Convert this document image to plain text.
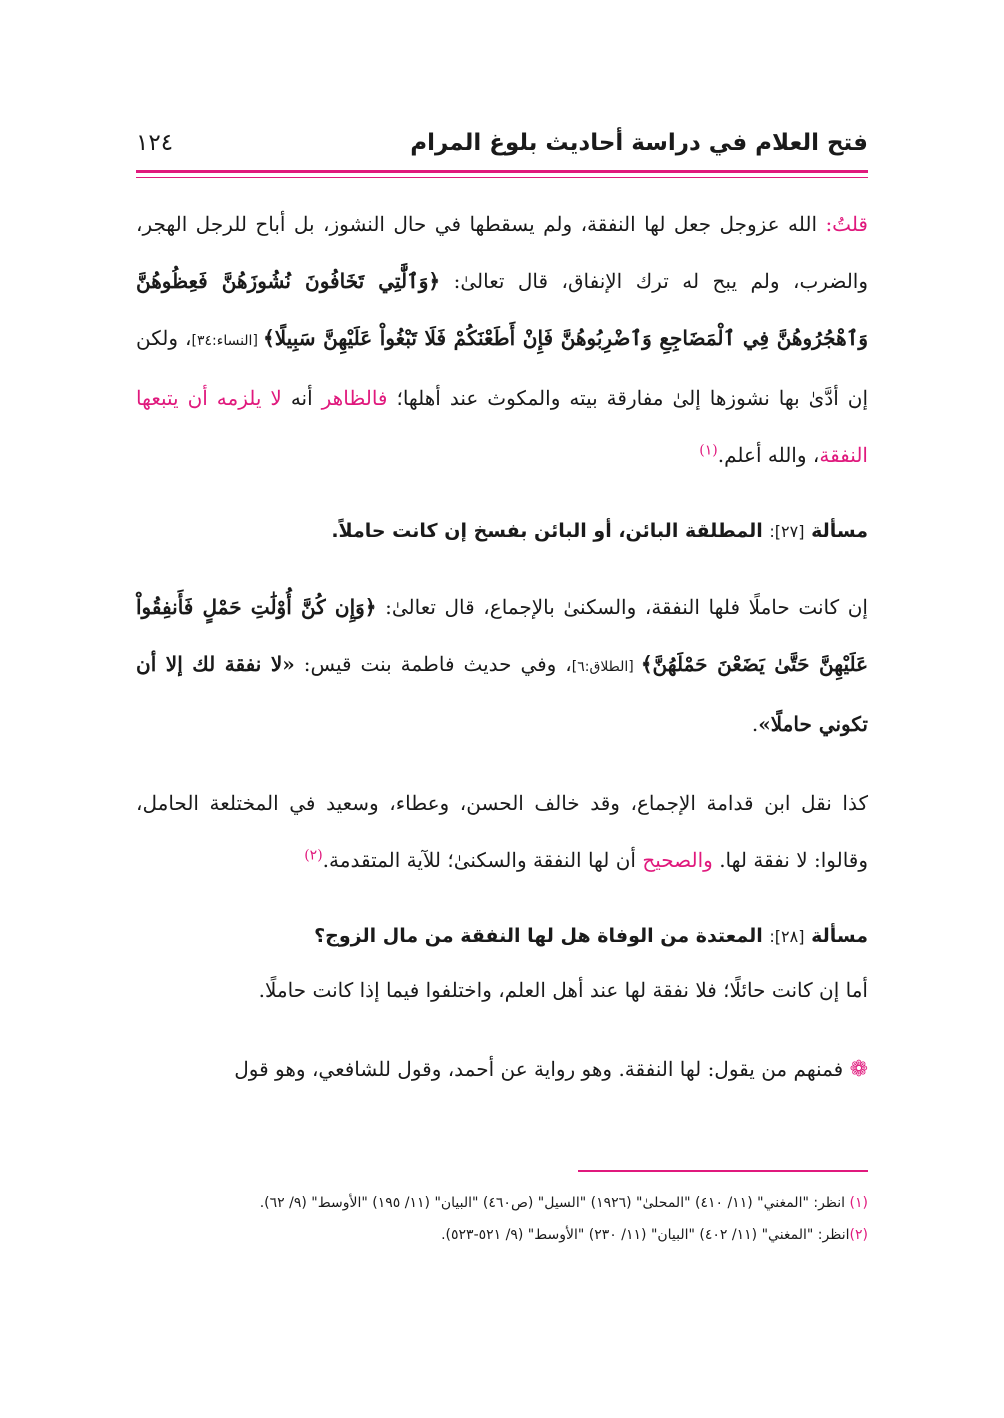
فتح العلام في دراسة أحاديث بلوغ المرام
١٢٤

قلتُ: الله عزوجل جعل لها النفقة، ولم يسقطها في حال النشوز، بل أباح للرجل الهجر، والضرب، ولم يبح له ترك الإنفاق، قال تعالىٰ: ﴿وَٱلَّٰتِي تَخَافُونَ نُشُوزَهُنَّ فَعِظُوهُنَّ وَٱهْجُرُوهُنَّ فِي ٱلْمَضَاجِعِ وَٱضْرِبُوهُنَّ فَإِنْ أَطَعْنَكُمْ فَلَا تَبْغُواْ عَلَيْهِنَّ سَبِيلًا﴾ [النساء:٣٤]، ولكن إن أدَّىٰ بها نشوزها إلىٰ مفارقة بيته والمكوث عند أهلها؛ فالظاهر أنه لا يلزمه أن يتبعها النفقة، والله أعلم.$^{(١)}$

مسألة [٢٧]: المطلقة البائن، أو البائن بفسخ إن كانت حاملاً.

إن كانت حاملًا فلها النفقة، والسكنىٰ بالإجماع، قال تعالىٰ: ﴿وَإِن كُنَّ أُوْلَٰتِ حَمْلٍ فَأَنفِقُواْ عَلَيْهِنَّ حَتَّىٰ يَضَعْنَ حَمْلَهُنَّ﴾ [الطلاق:٦]، وفي حديث فاطمة بنت قيس: «لا نفقة لك إلا أن تكوني حاملًا».

كذا نقل ابن قدامة الإجماع، وقد خالف الحسن، وعطاء، وسعيد في المختلعة الحامل، وقالوا: لا نفقة لها. والصحيح أن لها النفقة والسكنىٰ؛ للآية المتقدمة.$^{(٢)}$

مسألة [٢٨]: المعتدة من الوفاة هل لها النفقة من مال الزوج؟

أما إن كانت حائلًا؛ فلا نفقة لها عند أهل العلم، واختلفوا فيما إذا كانت حاملًا.

❁ فمنهم من يقول: لها النفقة. وهو رواية عن أحمد، وقول للشافعي، وهو قول

(١) انظر: "المغني" (١١/ ٤١٠) "المحلىٰ" (١٩٢٦) "السيل" (ص٤٦٠) "البيان" (١١/ ١٩٥) "الأوسط" (٩/ ٦٢).
(٢)انظر: "المغني" (١١/ ٤٠٢) "البيان" (١١/ ٢٣٠) "الأوسط" (٩/ ٥٢١-٥٢٣).
